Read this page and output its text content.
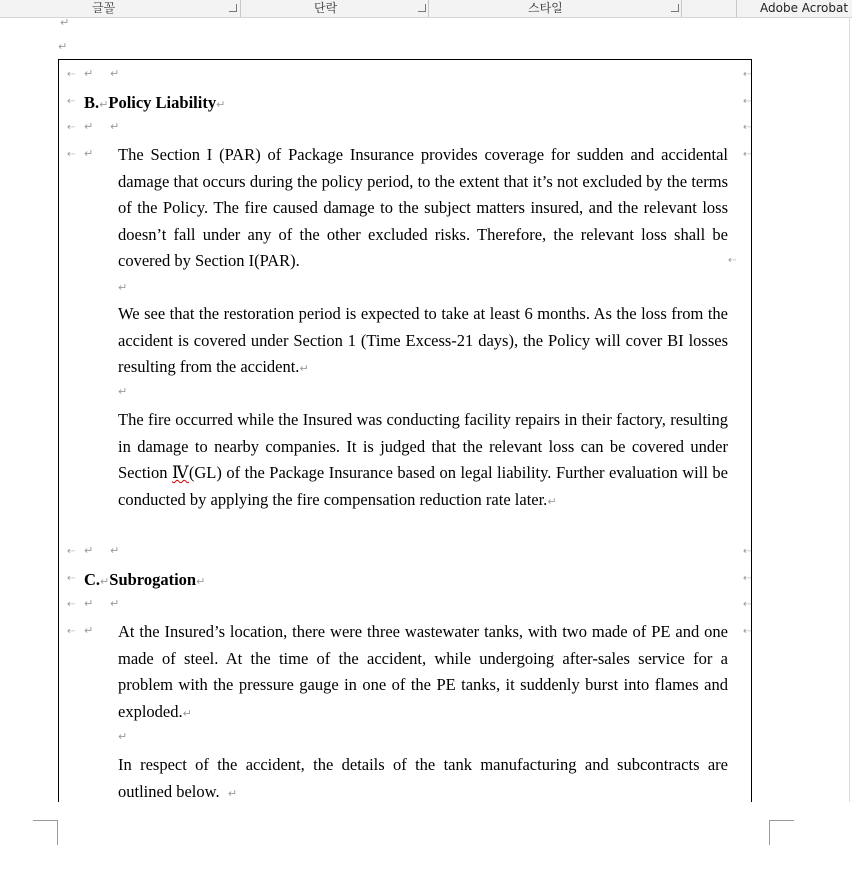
글꼴	단락	스타일	Adobe Acrobat
↵
↵
⇠ ↵ ↵
⇠
⇠ ↵ ↵
⇠ ↵
⇠ ↵ ↵
⇠
⇠ ↵ ↵
⇠ ↵
⇠
⇠
⇠
⇠
⇠
⇠
⇠
⇠
⇠
B.↵Policy Liability↵
The Section I (PAR) of Package Insurance provides coverage for sudden and accidental damage that occurs during the policy period, to the extent that it’s not excluded by the terms of the Policy. The fire caused damage to the subject matters insured, and the relevant loss doesn’t fall under any of the other excluded risks. Therefore, the relevant loss shall be covered by Section I(PAR).
↵
We see that the restoration period is expected to take at least 6 months. As the loss from the accident is covered under Section 1 (Time Excess-21 days), the Policy will cover BI losses resulting from the accident.↵
↵
The fire occurred while the Insured was conducting facility repairs in their factory, resulting in damage to nearby companies. It is judged that the relevant loss can be covered under Section Ⅳ(GL) of the Package Insurance based on legal liability. Further evaluation will be conducted by applying the fire compensation reduction rate later.↵
C.↵Subrogation↵
At the Insured’s location, there were three wastewater tanks, with two made of PE and one made of steel. At the time of the accident, while undergoing after-sales service for a problem with the pressure gauge in one of the PE tanks, it suddenly burst into flames and exploded.↵
↵
In respect of the accident, the details of the tank manufacturing and subcontracts are outlined below. ↵
